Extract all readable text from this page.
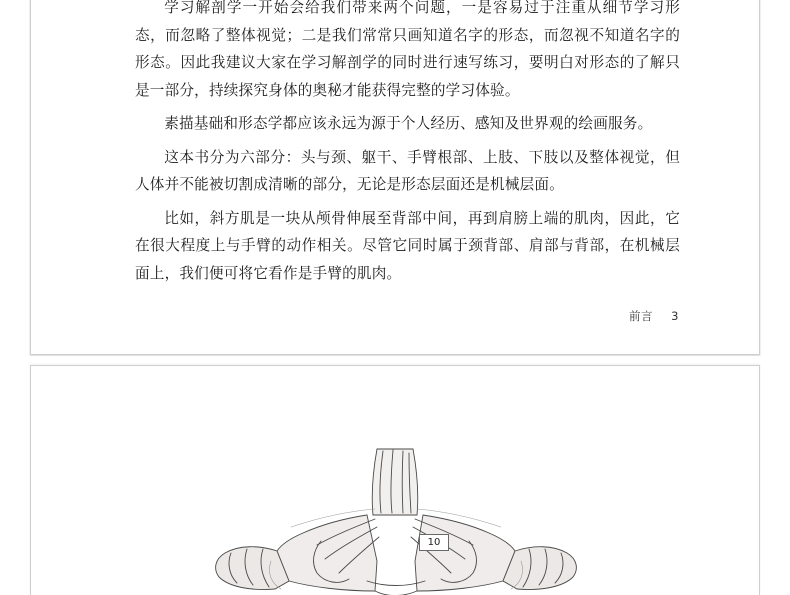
学习解剖学一开始会给我们带来两个问题，一是容易过于注重从细节学习形态，而忽略了整体视觉；二是我们常常只画知道名字的形态，而忽视不知道名字的形态。因此我建议大家在学习解剖学的同时进行速写练习，要明白对形态的了解只是一部分，持续探究身体的奥秘才能获得完整的学习体验。

素描基础和形态学都应该永远为源于个人经历、感知及世界观的绘画服务。

这本书分为六部分：头与颈、躯干、手臂根部、上肢、下肢以及整体视觉，但人体并不能被切割成清晰的部分，无论是形态层面还是机械层面。

比如，斜方肌是一块从颅骨伸展至背部中间，再到肩膀上端的肌肉，因此，它在很大程度上与手臂的动作相关。尽管它同时属于颈背部、肩部与背部，在机械层面上，我们便可将它看作是手臂的肌肉。

前言 3
10
